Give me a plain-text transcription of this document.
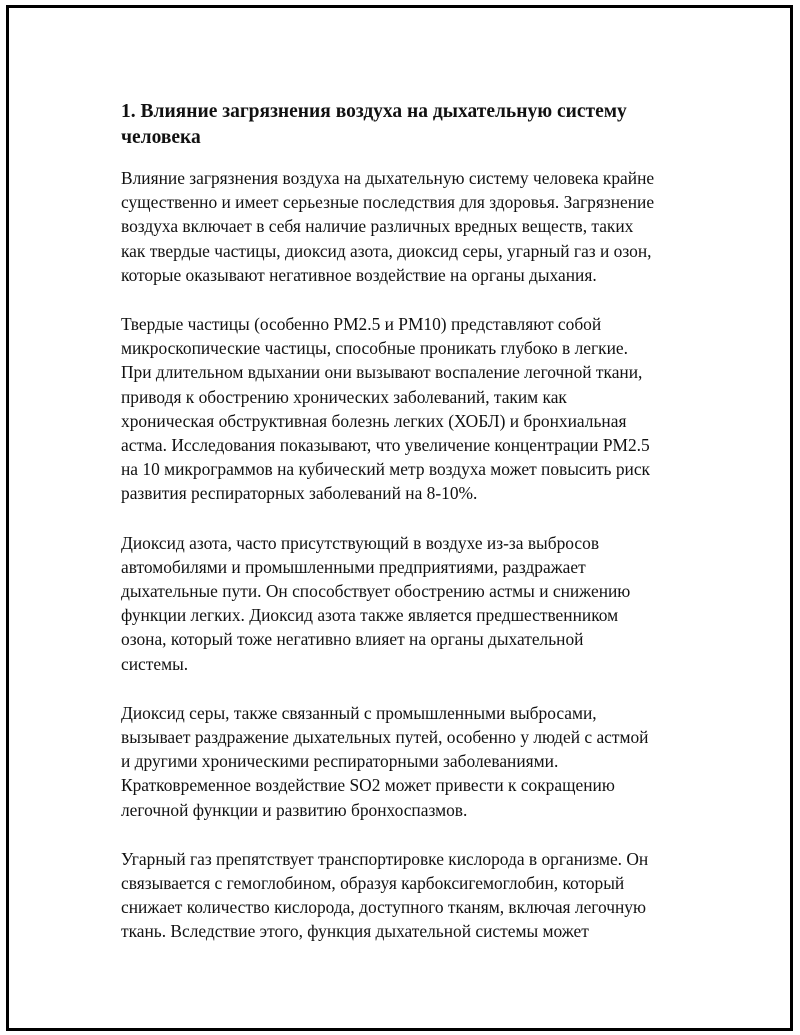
1. Влияние загрязнения воздуха на дыхательную систему
человека

Влияние загрязнения воздуха на дыхательную систему человека крайне
существенно и имеет серьезные последствия для здоровья. Загрязнение
воздуха включает в себя наличие различных вредных веществ, таких
как твердые частицы, диоксид азота, диоксид серы, угарный газ и озон,
которые оказывают негативное воздействие на органы дыхания.

Твердые частицы (особенно PM2.5 и PM10) представляют собой
микроскопические частицы, способные проникать глубоко в легкие.
При длительном вдыхании они вызывают воспаление легочной ткани,
приводя к обострению хронических заболеваний, таким как
хроническая обструктивная болезнь легких (ХОБЛ) и бронхиальная
астма. Исследования показывают, что увеличение концентрации PM2.5
на 10 микрограммов на кубический метр воздуха может повысить риск
развития респираторных заболеваний на 8-10%.

Диоксид азота, часто присутствующий в воздухе из-за выбросов
автомобилями и промышленными предприятиями, раздражает
дыхательные пути. Он способствует обострению астмы и снижению
функции легких. Диоксид азота также является предшественником
озона, который тоже негативно влияет на органы дыхательной
системы.

Диоксид серы, также связанный с промышленными выбросами,
вызывает раздражение дыхательных путей, особенно у людей с астмой
и другими хроническими респираторными заболеваниями.
Кратковременное воздействие SO2 может привести к сокращению
легочной функции и развитию бронхоспазмов.

Угарный газ препятствует транспортировке кислорода в организме. Он
связывается с гемоглобином, образуя карбоксигемоглобин, который
снижает количество кислорода, доступного тканям, включая легочную
ткань. Вследствие этого, функция дыхательной системы может
